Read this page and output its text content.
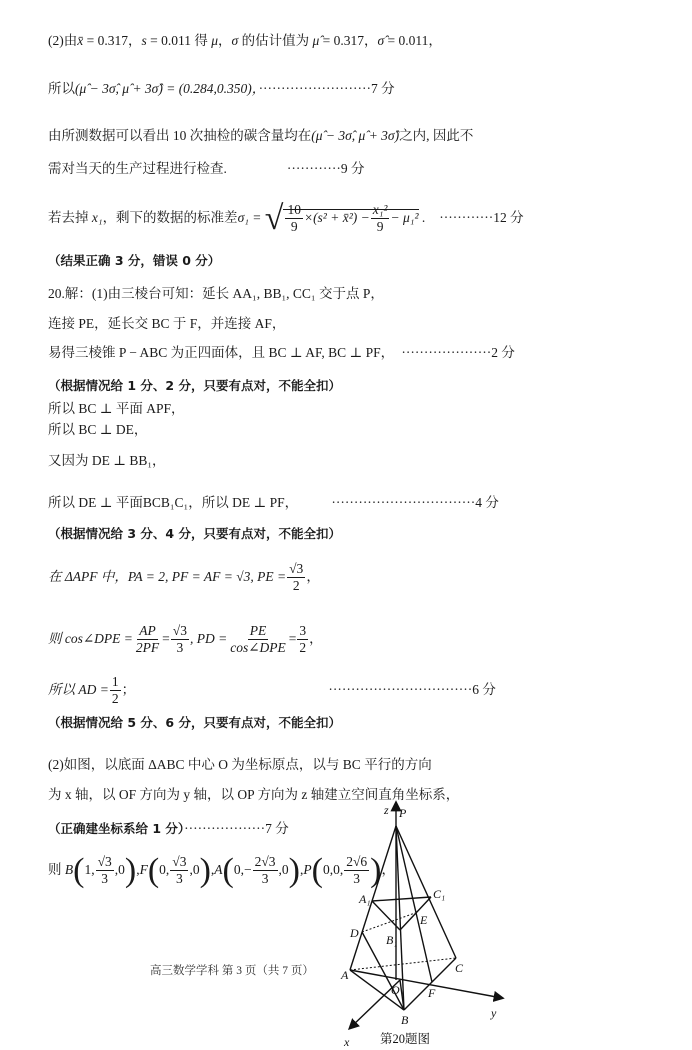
(2)由x̄ = 0.317，s = 0.011 得 μ，σ 的估计值为 μ̂ = 0.317，σ̂ = 0.011，
所以(μ̂ − 3σ̂, μ̂ + 3σ̂) = (0.284,0.350)，·························7 分
由所测数据可以看出 10 次抽检的碳含量均在(μ̂ − 3σ̂, μ̂ + 3σ̂)之内, 因此不
需对当天的生产过程进行检查.	············9 分
若去掉 x₁，剩下的数据的标准差σ₁ = √ $\frac{10}{9} \times(s^2$ + x̄²) − $\frac{\text{x₁²}}{9} - \mu_1^2$ . ············12 分
（结果正确 3 分，错误 0 分）
20.解：(1)由三棱台可知：延长 AA₁, BB₁, CC₁ 交于点 P，
连接 PE，延长交 BC 于 F，并连接 AF，
易得三棱锥 P − ABC 为正四面体，且 BC ⊥ AF, BC ⊥ PF， ····················2 分
（根据情况给 1 分、2 分，只要有点对，不能全扣）
所以 BC ⊥ 平面 APF，
所以 BC ⊥ DE，
又因为 DE ⊥ BB₁，
所以 DE ⊥ 平面BCB₁C₁，所以 DE ⊥ PF，	································4 分
（根据情况给 3 分、4 分，只要有点对，不能全扣）
在 ΔAPF 中，PA = 2, PF = AF = √3, PE = $\frac{√3}{2}$ ，
则 cos∠DPE = $\frac{AP}{2PF} = \frac{√3}{3}$ , PD = $\frac{PE}{\text{cos∠DPE}} = \frac{3}{2}$ ，
所以 AD = $\frac{1}{2}$ ；	································6 分
（根据情况给 5 分、6 分，只要有点对，不能全扣）
(2)如图，以底面 ΔABC 中心 O 为坐标原点，以与 BC 平行的方向
为 x 轴，以 OF 方向为 y 轴，以 OP 方向为 z 轴建立空间直角坐标系，
（正确建坐标系给 1 分）··················7 分
则 B(1, $\frac{√3}{3} ,0),F(0$, $\frac{√3}{3} ,0),A(0,- \frac{2√3}{3} ,0),P(0,0$, $\frac{2√6}{3}$ )，
高三数学学科 第 3 页（共 7 页）
z P
A₁	C₁
E
D B₁
A	C
O F
B	y
x 第20题图
